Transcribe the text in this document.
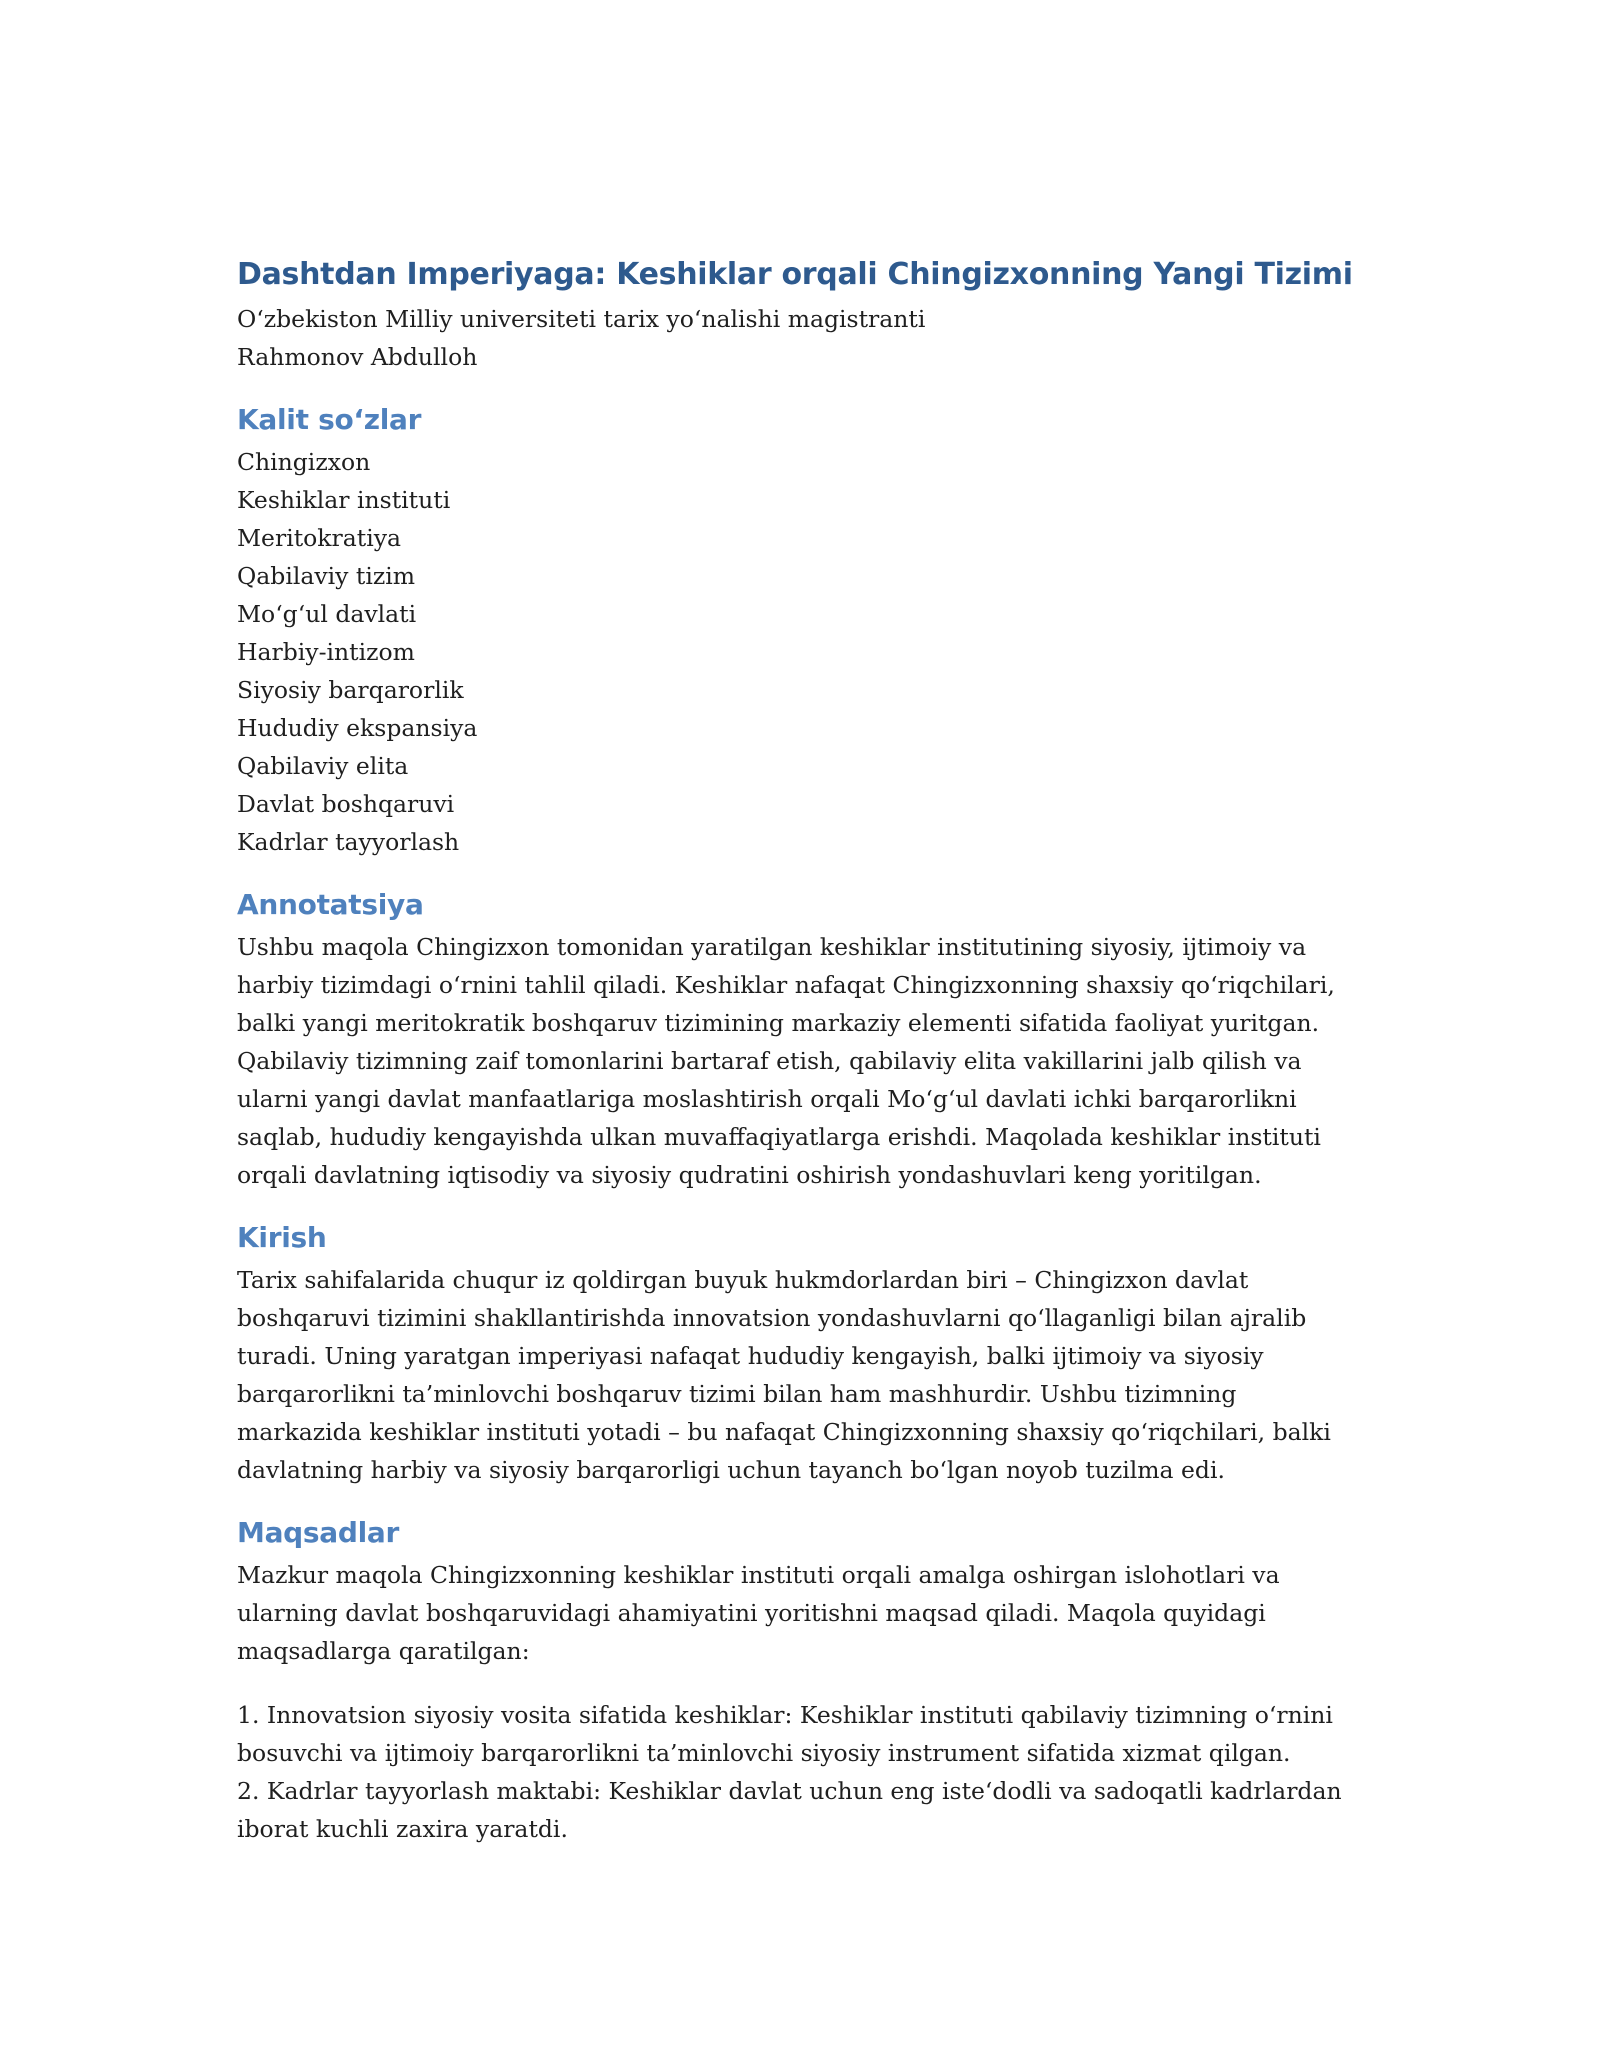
Dashtdan Imperiyaga: Keshiklar orqali Chingizxonning Yangi Tizimi

O‘zbekiston Milliy universiteti tarix yo‘nalishi magistranti

Rahmonov Abdulloh

Kalit so‘zlar

Chingizxon

Keshiklar instituti

Meritokratiya

Qabilaviy tizim

Mo‘g‘ul davlati

Harbiy-intizom

Siyosiy barqarorlik

Hududiy ekspansiya

Qabilaviy elita

Davlat boshqaruvi

Kadrlar tayyorlash

Annotatsiya

Ushbu maqola Chingizxon tomonidan yaratilgan keshiklar institutining siyosiy, ijtimoiy va

harbiy tizimdagi o‘rnini tahlil qiladi. Keshiklar nafaqat Chingizxonning shaxsiy qo‘riqchilari,

balki yangi meritokratik boshqaruv tizimining markaziy elementi sifatida faoliyat yuritgan.

Qabilaviy tizimning zaif tomonlarini bartaraf etish, qabilaviy elita vakillarini jalb qilish va

ularni yangi davlat manfaatlariga moslashtirish orqali Mo‘g‘ul davlati ichki barqarorlikni

saqlab, hududiy kengayishda ulkan muvaffaqiyatlarga erishdi. Maqolada keshiklar instituti

orqali davlatning iqtisodiy va siyosiy qudratini oshirish yondashuvlari keng yoritilgan.

Kirish

Tarix sahifalarida chuqur iz qoldirgan buyuk hukmdorlardan biri – Chingizxon davlat

boshqaruvi tizimini shakllantirishda innovatsion yondashuvlarni qo‘llaganligi bilan ajralib

turadi. Uning yaratgan imperiyasi nafaqat hududiy kengayish, balki ijtimoiy va siyosiy

barqarorlikni ta’minlovchi boshqaruv tizimi bilan ham mashhurdir. Ushbu tizimning

markazida keshiklar instituti yotadi – bu nafaqat Chingizxonning shaxsiy qo‘riqchilari, balki

davlatning harbiy va siyosiy barqarorligi uchun tayanch bo‘lgan noyob tuzilma edi.

Maqsadlar

Mazkur maqola Chingizxonning keshiklar instituti orqali amalga oshirgan islohotlari va

ularning davlat boshqaruvidagi ahamiyatini yoritishni maqsad qiladi. Maqola quyidagi

maqsadlarga qaratilgan:

1. Innovatsion siyosiy vosita sifatida keshiklar: Keshiklar instituti qabilaviy tizimning o‘rnini

bosuvchi va ijtimoiy barqarorlikni ta’minlovchi siyosiy instrument sifatida xizmat qilgan.

2. Kadrlar tayyorlash maktabi: Keshiklar davlat uchun eng iste‘dodli va sadoqatli kadrlardan

iborat kuchli zaxira yaratdi.
